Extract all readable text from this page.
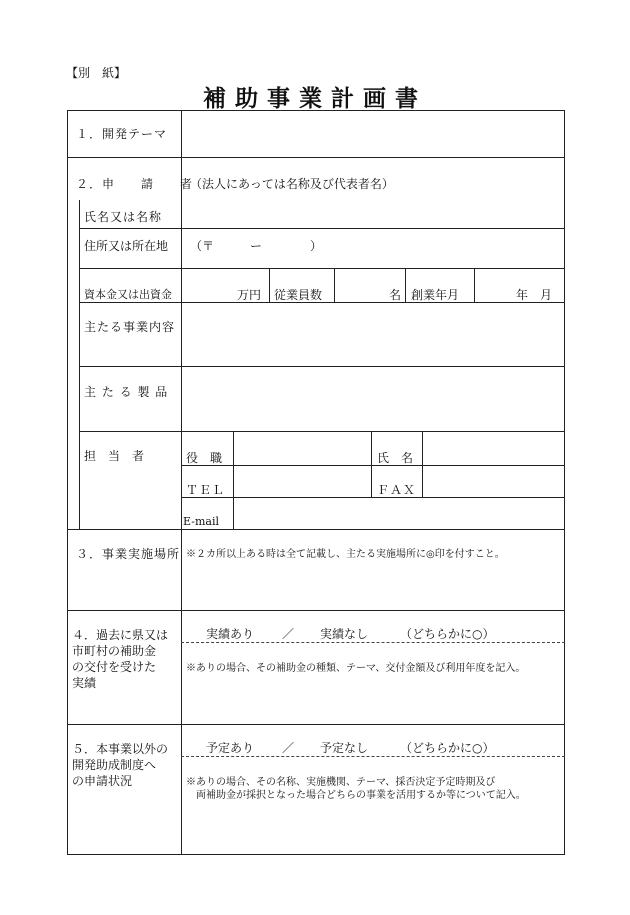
【別　紙】
補助事業計画書
１．開発テーマ
２．申　　請　　者
（法人にあっては名称及び代表者名）
氏名又は名称
住所又は所在地 （〒　　　ー　　　　）
資本金又は出資金	万円 従業員数	名 創業年月	年　月
主たる事業内容
主 た る 製 品
担　当　者	役　職	氏　名
ＴＥＬ	ＦＡＸ
E-mail
３．事業実施場所 ※２カ所以上ある時は全て記載し、主たる実施場所に◎印を付すこと。
４．過去に県又は
市町村の補助金
の交付を受けた
実績
実績あり ／ 実績なし	（どちらかに○）
※ありの場合、その補助金の種類、テーマ、交付金額及び利用年度を記入。
５．本事業以外の
開発助成制度へ
の申請状況
予定あり ／ 予定なし	（どちらかに○）
※ありの場合、その名称、実施機関、テーマ、採否決定予定時期及び
両補助金が採択となった場合どちらの事業を活用するか等について記入。
